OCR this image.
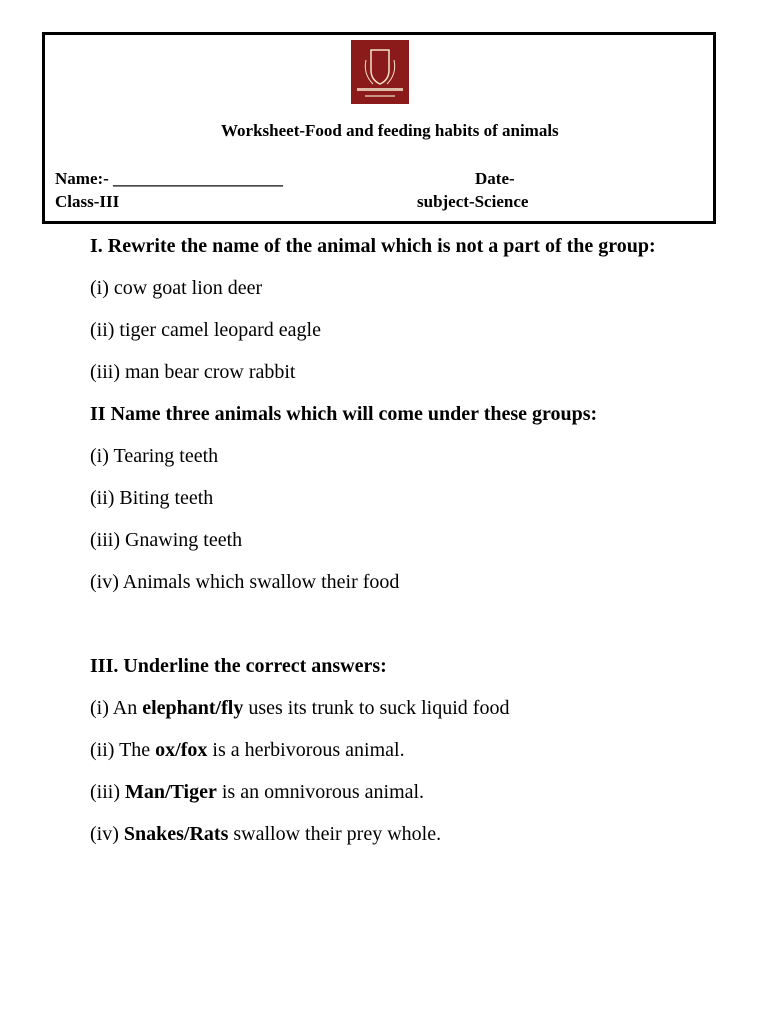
Worksheet-Food and feeding habits of animals
Name:- ____________________	Date-
Class-III	subject-Science

I. Rewrite the name of the animal which is not a part of the group:

(i) cow goat lion deer

(ii) tiger camel leopard eagle

(iii) man bear crow rabbit

II Name three animals which will come under these groups:

(i) Tearing teeth

(ii) Biting teeth

(iii) Gnawing teeth

(iv) Animals which swallow their food

III. Underline the correct answers:

(i) An elephant/fly uses its trunk to suck liquid food

(ii) The ox/fox is a herbivorous animal.

(iii) Man/Tiger is an omnivorous animal.

(iv) Snakes/Rats swallow their prey whole.
